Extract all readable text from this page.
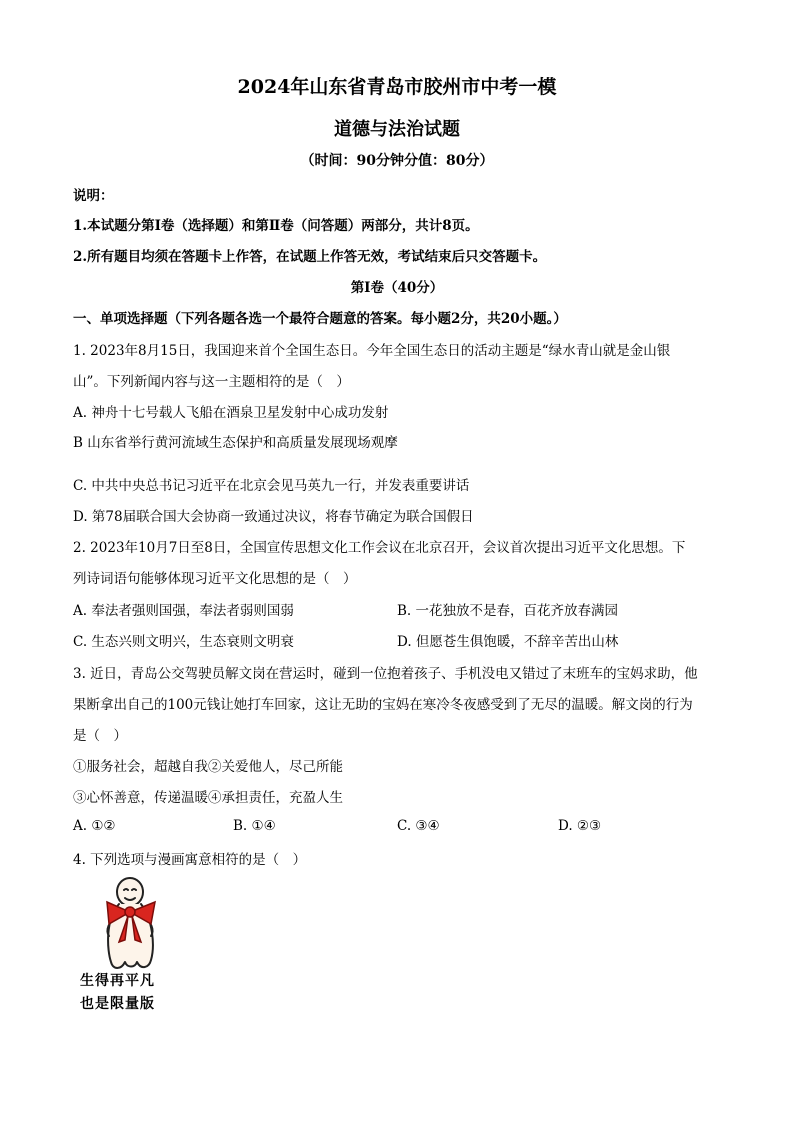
2024年山东省青岛市胶州市中考一模
道德与法治试题
（时间：90分钟分值：80分）
说明：
1.本试题分第Ⅰ卷（选择题）和第Ⅱ卷（问答题）两部分，共计8页。
2.所有题目均须在答题卡上作答，在试题上作答无效，考试结束后只交答题卡。
第Ⅰ卷（40分）
一、单项选择题（下列各题各选一个最符合题意的答案。每小题2分，共20小题。）
1. 2023年8月15日，我国迎来首个全国生态日。今年全国生态日的活动主题是“绿水青山就是金山银
山”。下列新闻内容与这一主题相符的是（　）
A. 神舟十七号载人飞船在酒泉卫星发射中心成功发射
B 山东省举行黄河流域生态保护和高质量发展现场观摩
C. 中共中央总书记习近平在北京会见马英九一行，并发表重要讲话
D. 第78届联合国大会协商一致通过决议，将春节确定为联合国假日
2. 2023年10月7日至8日，全国宣传思想文化工作会议在北京召开，会议首次提出习近平文化思想。下
列诗词语句能够体现习近平文化思想的是（　）
A. 奉法者强则国强，奉法者弱则国弱	B. 一花独放不是春，百花齐放春满园
C. 生态兴则文明兴，生态衰则文明衰	D. 但愿苍生俱饱暖，不辞辛苦出山林
3. 近日，青岛公交驾驶员解文岗在营运时，碰到一位抱着孩子、手机没电又错过了末班车的宝妈求助，他
果断拿出自己的100元钱让她打车回家，这让无助的宝妈在寒冷冬夜感受到了无尽的温暖。解文岗的行为
是（　）
①服务社会，超越自我②关爱他人，尽己所能
③心怀善意，传递温暖④承担责任，充盈人生
A. ①②	B. ①④	C. ③④	D. ②③
4. 下列选项与漫画寓意相符的是（　）
生得再平凡
也是限量版
